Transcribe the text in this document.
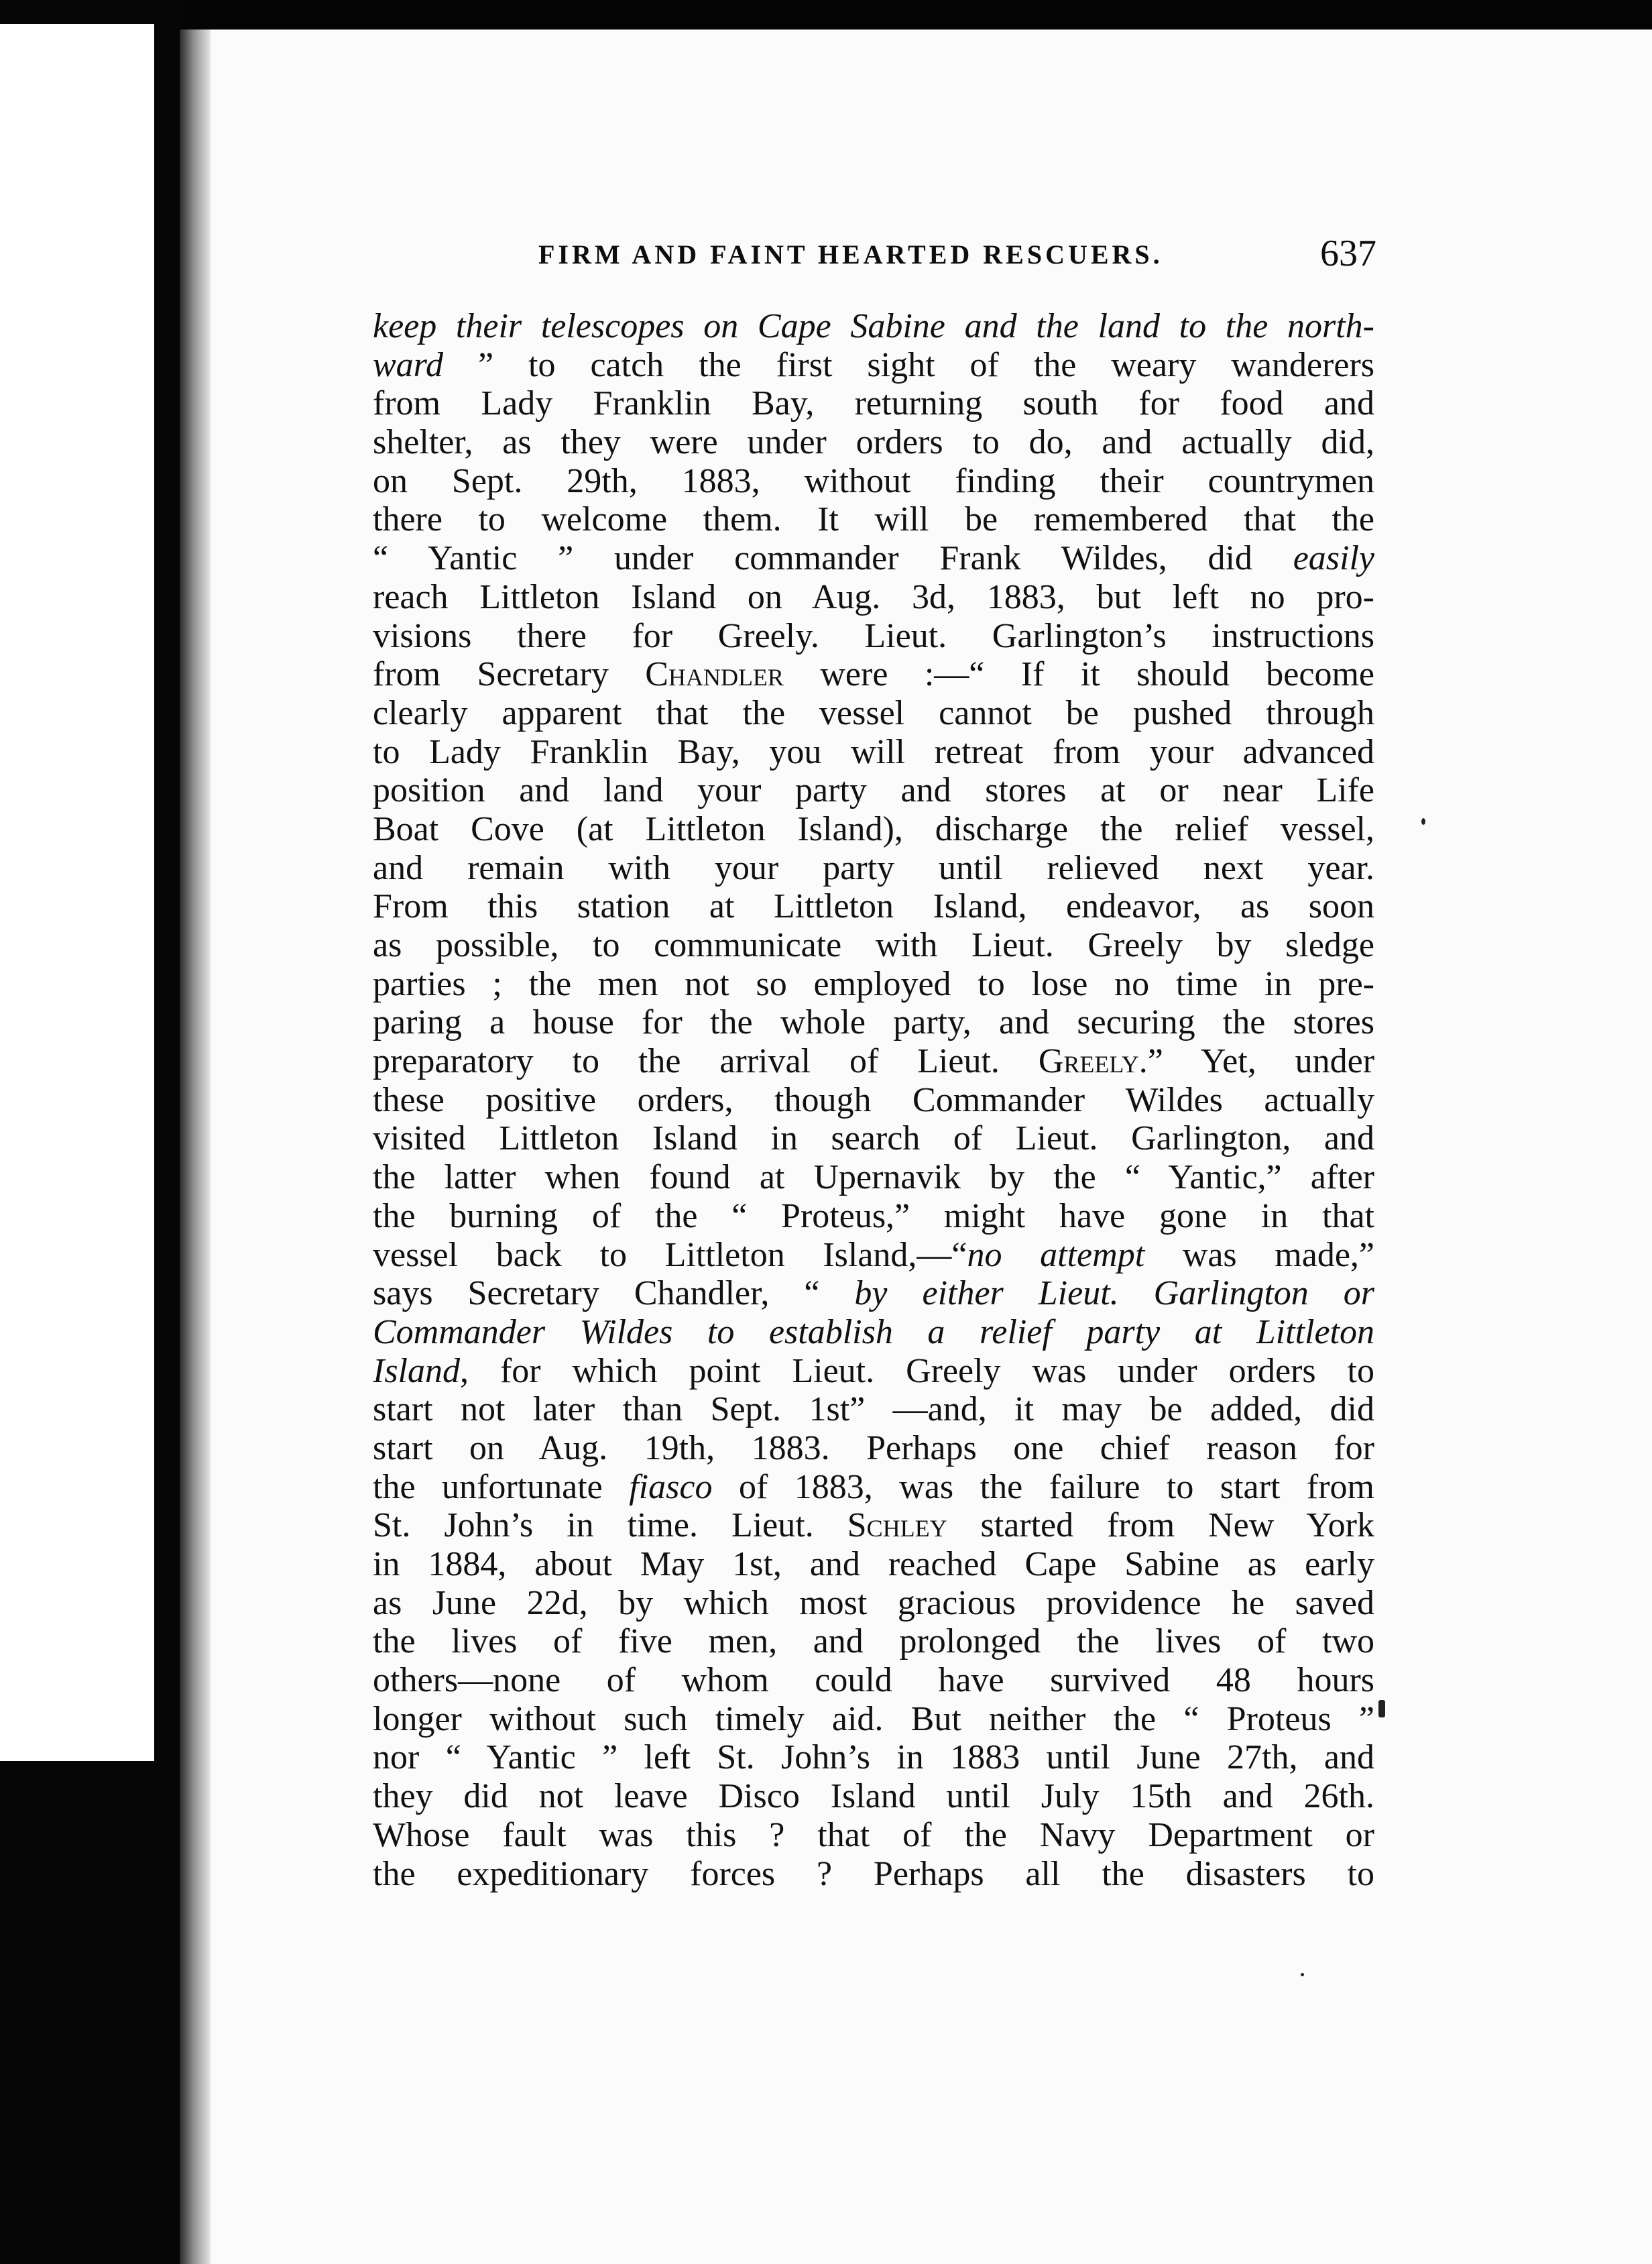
FIRM AND FAINT HEARTED RESCUERS.	637
keep their telescopes on Cape Sabine and the land to the north-
ward ” to catch the first sight of the weary wanderers
from Lady Franklin Bay, returning south for food and
shelter, as they were under orders to do, and actually did,
on Sept. 29th, 1883, without finding their countrymen
there to welcome them. It will be remembered that the
“ Yantic ” under commander Frank Wildes, did easily
reach Littleton Island on Aug. 3d, 1883, but left no pro-
visions there for Greely. Lieut. Garlington’s instructions
from Secretary Chandler were :—“ If it should become
clearly apparent that the vessel cannot be pushed through
to Lady Franklin Bay, you will retreat from your advanced
position and land your party and stores at or near Life
Boat Cove (at Littleton Island), discharge the relief vessel,
and remain with your party until relieved next year.
From this station at Littleton Island, endeavor, as soon
as possible, to communicate with Lieut. Greely by sledge
parties ; the men not so employed to lose no time in pre-
paring a house for the whole party, and securing the stores
preparatory to the arrival of Lieut. Greely.” Yet, under
these positive orders, though Commander Wildes actually
visited Littleton Island in search of Lieut. Garlington, and
the latter when found at Upernavik by the “ Yantic,” after
the burning of the “ Proteus,” might have gone in that
vessel back to Littleton Island,—“no attempt was made,”
says Secretary Chandler, “ by either Lieut. Garlington or
Commander Wildes to establish a relief party at Littleton
Island, for which point Lieut. Greely was under orders to
start not later than Sept. 1st” —and, it may be added, did
start on Aug. 19th, 1883. Perhaps one chief reason for
the unfortunate fiasco of 1883, was the failure to start from
St. John’s in time. Lieut. Schley started from New York
in 1884, about May 1st, and reached Cape Sabine as early
as June 22d, by which most gracious providence he saved
the lives of five men, and prolonged the lives of two
others—none of whom could have survived 48 hours
longer without such timely aid. But neither the “ Proteus ”
nor “ Yantic ” left St. John’s in 1883 until June 27th, and
they did not leave Disco Island until July 15th and 26th.
Whose fault was this ? that of the Navy Department or
the expeditionary forces ? Perhaps all the disasters to
